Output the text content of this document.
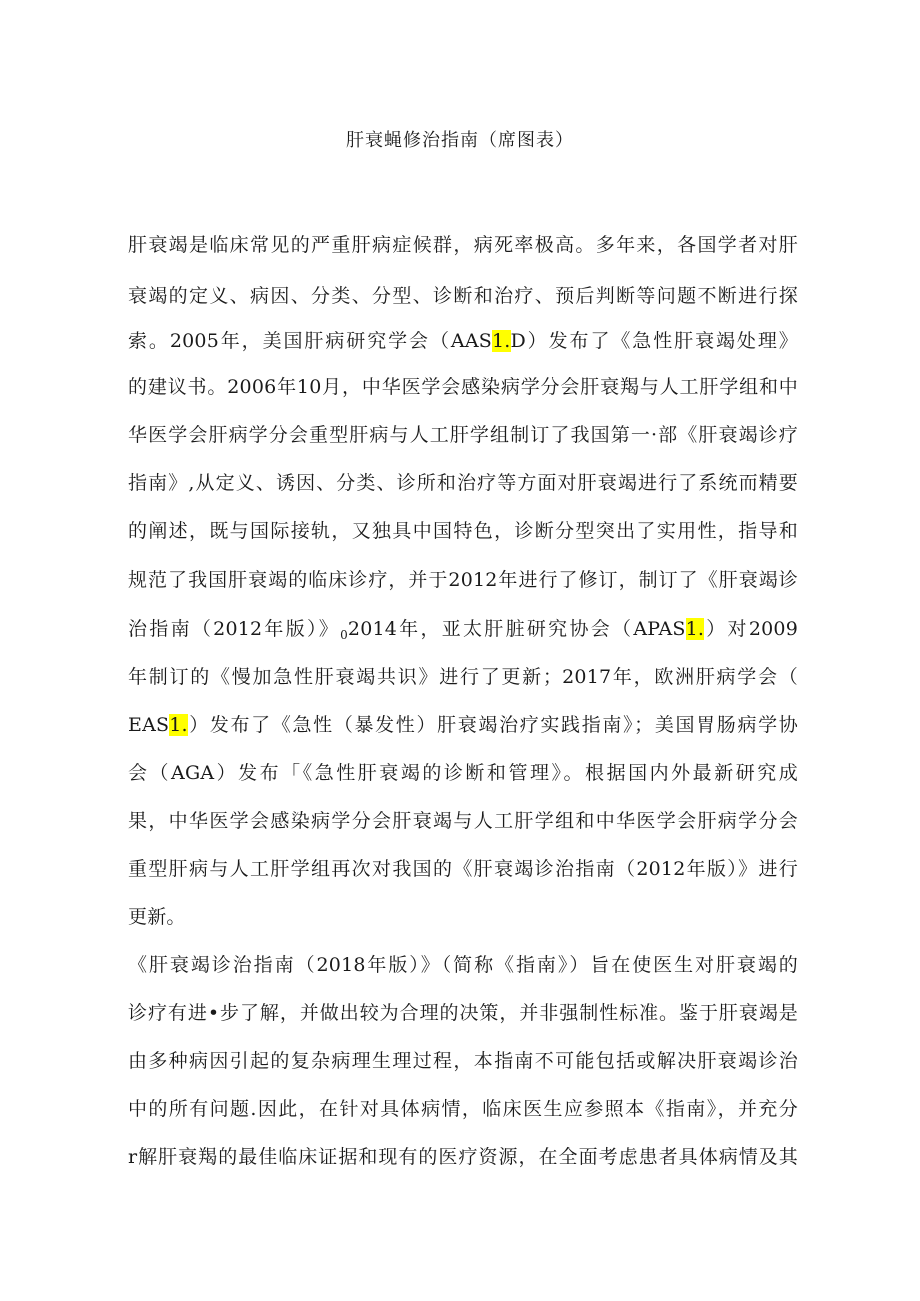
肝衰蝇修治指南（席图表）
肝衰竭是临床常见的严重肝病症候群，病死率极高。多年来，各国学者对肝
衰竭的定义、病因、分类、分型、诊断和治疗、预后判断等问题不断进行探
索。2005年，美国肝病研究学会（AAS1.D）发布了《急性肝衰竭处理》
的建议书。2006年10月，中华医学会感染病学分会肝衰羯与人工肝学组和中
华医学会肝病学分会重型肝病与人工肝学组制订了我国第一·部《肝衰竭诊疗
指南》,从定义、诱因、分类、诊所和治疗等方面对肝衰竭进行了系统而精要
的阐述，既与国际接轨，又独具中国特色，诊断分型突出了实用性，指导和
规范了我国肝衰竭的临床诊疗，并于2012年进行了修订，制订了《肝衰竭诊
治指南（2012年版）》$_0$2014年，亚太肝脏研究协会（APAS1.）对2009
年制订的《慢加急性肝衰竭共识》进行了更新；2017年，欧洲肝病学会（
EAS1.）发布了《急性（暴发性）肝衰竭治疗实践指南》；美国胃肠病学协
会（AGA）发布「《急性肝衰竭的诊断和管理》。根据国内外最新研究成
果，中华医学会感染病学分会肝衰竭与人工肝学组和中华医学会肝病学分会
重型肝病与人工肝学组再次对我国的《肝衰竭诊治指南（2012年版）》进行
更新。
《肝衰竭诊治指南（2018年版）》（简称《指南》）旨在使医生对肝衰竭的
诊疗有进•步了解，并做出较为合理的决策，并非强制性标准。鉴于肝衰竭是
由多种病因引起的复杂病理生理过程，本指南不可能包括或解决肝衰竭诊治
中的所有问题.因此，在针对具体病情，临床医生应参照本《指南》，并充分
r解肝衰羯的最佳临床证据和现有的医疗资源，在全面考虑患者具体病情及其
